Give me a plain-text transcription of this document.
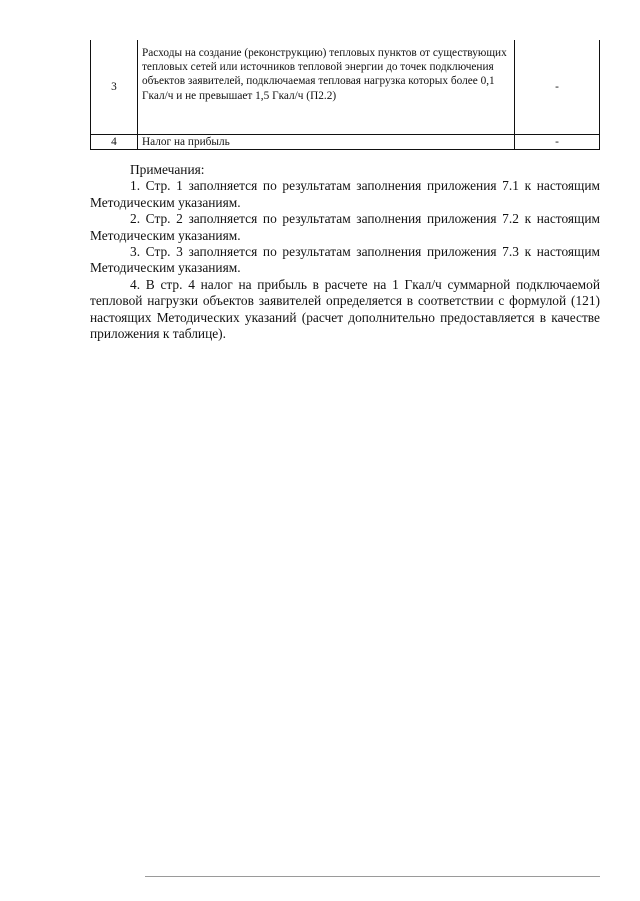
3	Расходы на создание (реконструкцию) тепловых пунктов от существующих тепловых сетей или источников тепловой энергии до точек подключения объектов заявителей, подключаемая тепловая нагрузка которых более 0,1 Гкал/ч и не превышает 1,5 Гкал/ч (П2.2)	-
4	Налог на прибыль	-

Примечания:

1. Стр. 1 заполняется по результатам заполнения приложения 7.1 к настоящим Методическим указаниям.

2. Стр. 2 заполняется по результатам заполнения приложения 7.2 к настоящим Методическим указаниям.

3. Стр. 3 заполняется по результатам заполнения приложения 7.3 к настоящим Методическим указаниям.

4. В стр. 4 налог на прибыль в расчете на 1 Гкал/ч суммарной подключаемой тепловой нагрузки объектов заявителей определяется в соответствии с формулой (121) настоящих Методических указаний (расчет дополнительно предоставляется в качестве приложения к таблице).
